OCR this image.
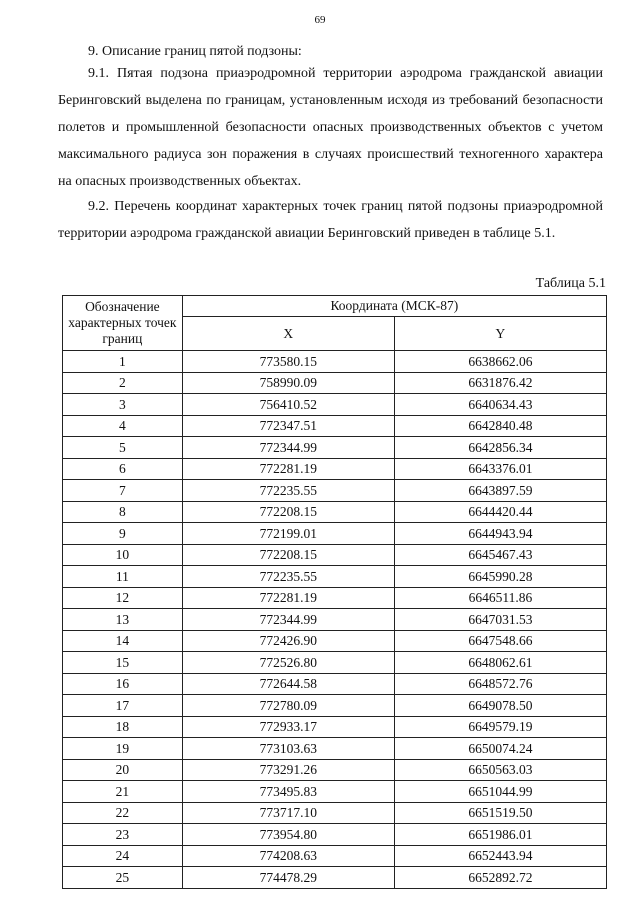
69
9. Описание границ пятой подзоны:

9.1. Пятая подзона приаэродромной территории аэродрома гражданской авиации Беринговский выделена по границам, установленным исходя из требований безопасности полетов и промышленной безопасности опасных производственных объектов с учетом максимального радиуса зон поражения в случаях происшествий техногенного характера на опасных производственных объектах.

9.2. Перечень координат характерных точек границ пятой подзоны приаэродромной территории аэродрома гражданской авиации Беринговский приведен в таблице 5.1.

Таблица 5.1
Обозначение характерных точек границ	Координата (МСК-87)	
	X	Y
1	773580.15	6638662.06
2	758990.09	6631876.42
3	756410.52	6640634.43
4	772347.51	6642840.48
5	772344.99	6642856.34
6	772281.19	6643376.01
7	772235.55	6643897.59
8	772208.15	6644420.44
9	772199.01	6644943.94
10	772208.15	6645467.43
11	772235.55	6645990.28
12	772281.19	6646511.86
13	772344.99	6647031.53
14	772426.90	6647548.66
15	772526.80	6648062.61
16	772644.58	6648572.76
17	772780.09	6649078.50
18	772933.17	6649579.19
19	773103.63	6650074.24
20	773291.26	6650563.03
21	773495.83	6651044.99
22	773717.10	6651519.50
23	773954.80	6651986.01
24	774208.63	6652443.94
25	774478.29	6652892.72
